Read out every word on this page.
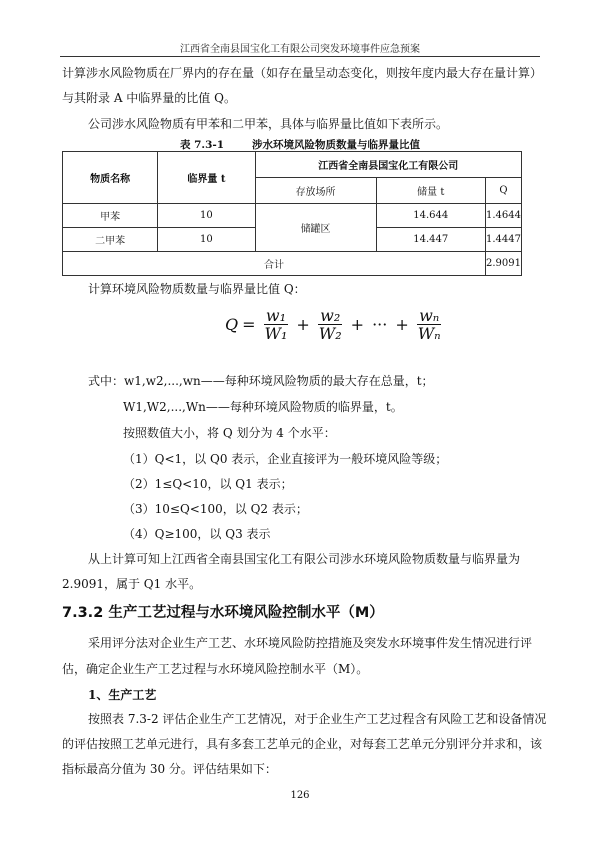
江西省全南县国宝化工有限公司突发环境事件应急预案
计算涉水风险物质在厂界内的存在量（如存在量呈动态变化，则按年度内最大存在量计算）
与其附录 A 中临界量的比值 Q。
公司涉水风险物质有甲苯和二甲苯，具体与临界量比值如下表所示。
表 7.3-1	涉水环境风险物质数量与临界量比值
物质名称	临界量 t	江西省全南县国宝化工有限公司		
		存放场所	储量 t	Q
甲苯	10	储罐区	14.644	1.4644
二甲苯	10		14.447	1.4447
合计				2.9091
计算环境风险物质数量与临界量比值 Q：
$Q = \frac{\text{w₁}}{\text{W₁}} + \frac{\text{w₂}}{\text{W₂}}$ + ··· + $\frac{\text{wₙ}}{\text{Wₙ}}$
式中：w1,w2,...,wn——每种环境风险物质的最大存在总量，t；
W1,W2,...,Wn——每种环境风险物质的临界量，t。
按照数值大小，将 Q 划分为 4 个水平：
（1）Q<1，以 Q0 表示，企业直接评为一般环境风险等级；
（2）1≤Q<10，以 Q1 表示；
（3）10≤Q<100，以 Q2 表示；
（4）Q≥100，以 Q3 表示
从上计算可知上江西省全南县国宝化工有限公司涉水环境风险物质数量与临界量为
2.9091，属于 Q1 水平。
7.3.2 生产工艺过程与水环境风险控制水平（M）
采用评分法对企业生产工艺、水环境风险防控措施及突发水环境事件发生情况进行评
估，确定企业生产工艺过程与水环境风险控制水平（M）。
1、生产工艺
按照表 7.3-2 评估企业生产工艺情况，对于企业生产工艺过程含有风险工艺和设备情况
的评估按照工艺单元进行，具有多套工艺单元的企业，对每套工艺单元分别评分并求和，该
指标最高分值为 30 分。评估结果如下：
126
